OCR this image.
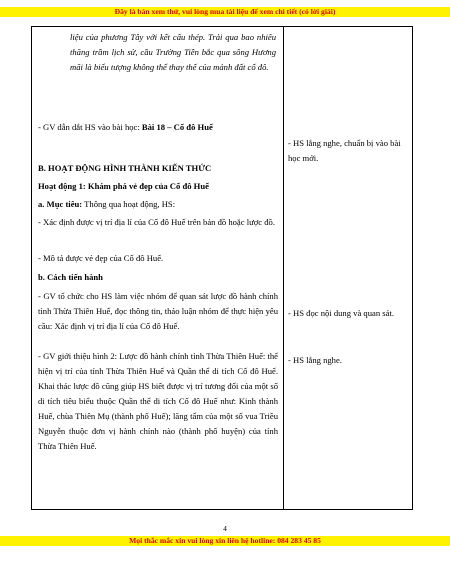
Đây là bản xem thử, vui lòng mua tài liệu để xem chi tiết (có lời giải)

liệu của phương Tây với kết cấu thép. Trải qua bao nhiêu thăng trầm lịch sử, cầu Trường Tiền bắc qua sông Hương mãi là biểu tượng không thể thay thế của mảnh đất cố đô.

- GV dẫn dắt HS vào bài học: Bài 18 – Cố đô Huế

B. HOẠT ĐỘNG HÌNH THÀNH KIẾN THỨC

Hoạt động 1: Khám phá vẻ đẹp của Cố đô Huế

a. Mục tiêu: Thông qua hoạt động, HS:

- Xác định được vị trí địa lí của Cố đô Huế trên bản đồ hoặc lược đồ.

- Mô tả được vẻ đẹp của Cố đô Huế.

b. Cách tiến hành

- GV tổ chức cho HS làm việc nhóm để quan sát lược đồ hành chính tỉnh Thừa Thiên Huế, đọc thông tin, thảo luận nhóm để thực hiện yêu cầu: Xác định vị trí địa lí của Cố đô Huế.

- GV giới thiệu hình 2: Lược đồ hành chính tỉnh Thừa Thiên Huế: thể hiện vị trí của tỉnh Thừa Thiên Huế và Quần thể di tích Cố đô Huế. Khai thác lược đồ cũng giúp HS biết được vị trí tương đối của một số di tích tiêu biểu thuộc Quần thể di tích Cố đô Huế như: Kinh thành Huế, chùa Thiên Mụ (thành phố Huế); lăng tẩm của một số vua Triều Nguyễn thuộc đơn vị hành chính nào (thành phố huyện) của tỉnh Thừa Thiên Huế.

- HS lắng nghe, chuẩn bị vào bài học mới.

- HS đọc nội dung và quan sát.

- HS lắng nghe.

4
Mọi thắc mắc xin vui lòng xin liên hệ hotline: 084 283 45 85
